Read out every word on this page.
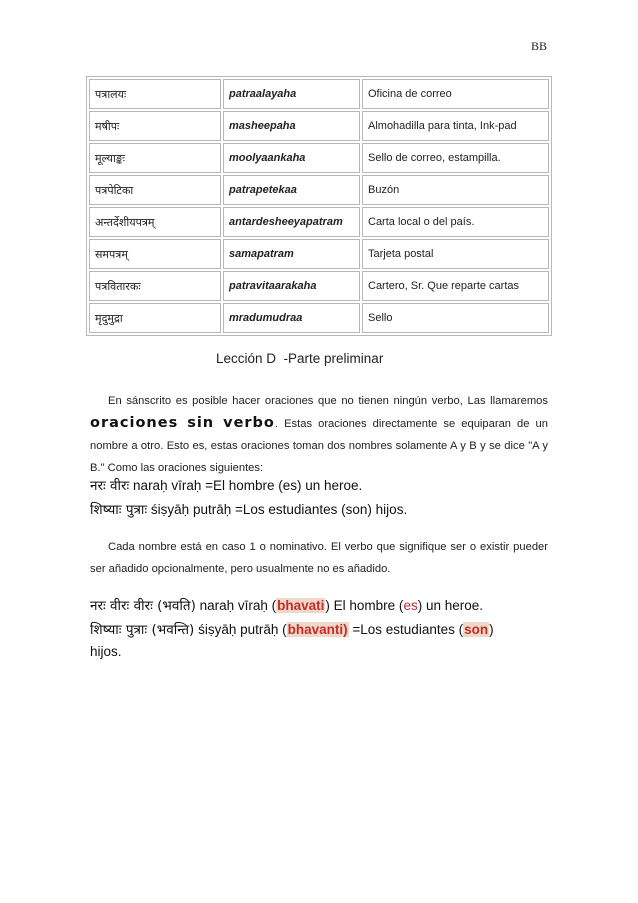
BB
पत्रालयः	patraalayaha	Oficina de correo
मषीपः	masheepaha	Almohadilla para tinta, Ink-pad
मूल्याङ्कः	moolyaankaha	Sello de correo, estampilla.
पत्रपेटिका	patrapetekaa	Buzón
अन्तर्देशीयपत्रम्	antardesheeyapatram	Carta local o del país.
समपत्रम्	samapatram	Tarjeta postal
पत्रवितारकः	patravitaarakaha	Cartero, Sr. Que reparte cartas
मृदुमुद्रा	mradumudraa	Sello
Lección D  -Parte preliminar
En sánscrito es posible hacer oraciones que no tienen ningún verbo, Las llamaremos oraciones sin verbo. Estas oraciones directamente se equiparan de un nombre a otro. Esto es, estas oraciones toman dos nombres solamente A y B y se dice "A y B." Como las oraciones siguientes:
नरः वीरः naraḥ vīraḥ =El hombre (es) un heroe.
शिष्याः पुत्राः śiṣyāḥ putrāḥ =Los estudiantes (son) hijos.
Cada nombre está en caso 1 o nominativo. El verbo que signifique ser o existir pueder ser añadido opcionalmente, pero usualmente no es añadido.
नरः वीरः वीरः (भवति) naraḥ vīraḥ (bhavati) El hombre (es) un heroe.
शिष्याः पुत्राः (भवन्ति) śiṣyāḥ putrāḥ (bhavanti) =Los estudiantes (son)
hijos.
